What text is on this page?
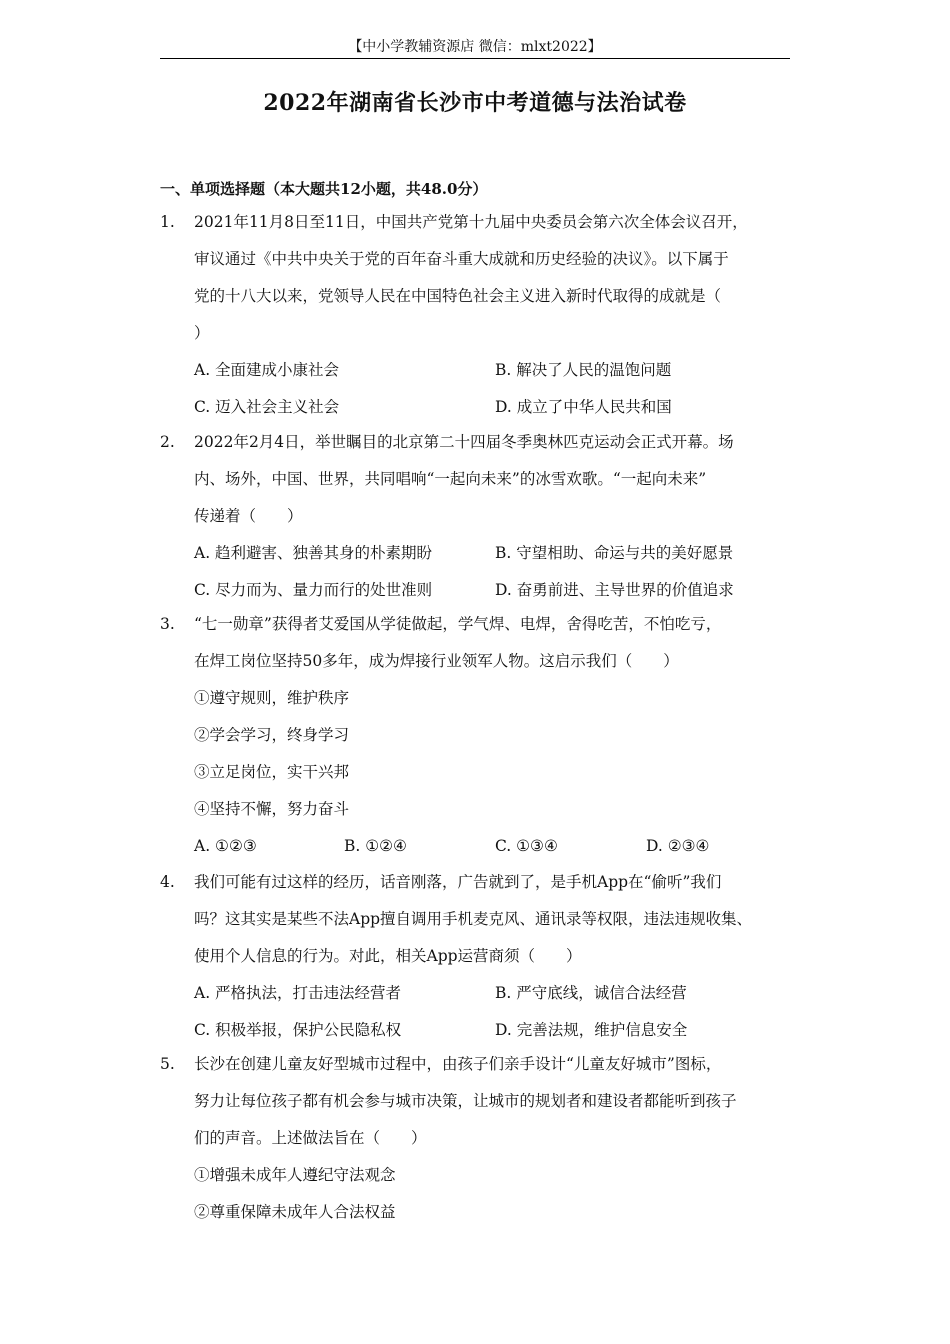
【中小学教辅资源店 微信：mlxt2022】
2022年湖南省长沙市中考道德与法治试卷
一、单项选择题（本大题共12小题，共48.0分）
1.	2021年11月8日至11日，中国共产党第十九届中央委员会第六次全体会议召开，
审议通过《中共中央关于党的百年奋斗重大成就和历史经验的决议》。以下属于
党的十八大以来，党领导人民在中国特色社会主义进入新时代取得的成就是（
）
A. 全面建成小康社会	B. 解决了人民的温饱问题
C. 迈入社会主义社会	D. 成立了中华人民共和国
2.	2022年2月4日，举世瞩目的北京第二十四届冬季奥林匹克运动会正式开幕。场
内、场外，中国、世界，共同唱响“一起向未来”的冰雪欢歌。“一起向未来”
传递着（　　）
A. 趋利避害、独善其身的朴素期盼	B. 守望相助、命运与共的美好愿景
C. 尽力而为、量力而行的处世准则	D. 奋勇前进、主导世界的价值追求
3.	“七一勋章”获得者艾爱国从学徒做起，学气焊、电焊，舍得吃苦，不怕吃亏，
在焊工岗位坚持50多年，成为焊接行业领军人物。这启示我们（　　）
①遵守规则，维护秩序
②学会学习，终身学习
③立足岗位，实干兴邦
④坚持不懈，努力奋斗
A. ①②③	B. ①②④	C. ①③④	D. ②③④
4.	我们可能有过这样的经历，话音刚落，广告就到了，是手机App在“偷听”我们
吗？这其实是某些不法App擅自调用手机麦克风、通讯录等权限，违法违规收集、
使用个人信息的行为。对此，相关App运营商须（　　）
A. 严格执法，打击违法经营者	B. 严守底线，诚信合法经营
C. 积极举报，保护公民隐私权	D. 完善法规，维护信息安全
5.	长沙在创建儿童友好型城市过程中，由孩子们亲手设计“儿童友好城市”图标，
努力让每位孩子都有机会参与城市决策，让城市的规划者和建设者都能听到孩子
们的声音。上述做法旨在（　　）
①增强未成年人遵纪守法观念
②尊重保障未成年人合法权益
